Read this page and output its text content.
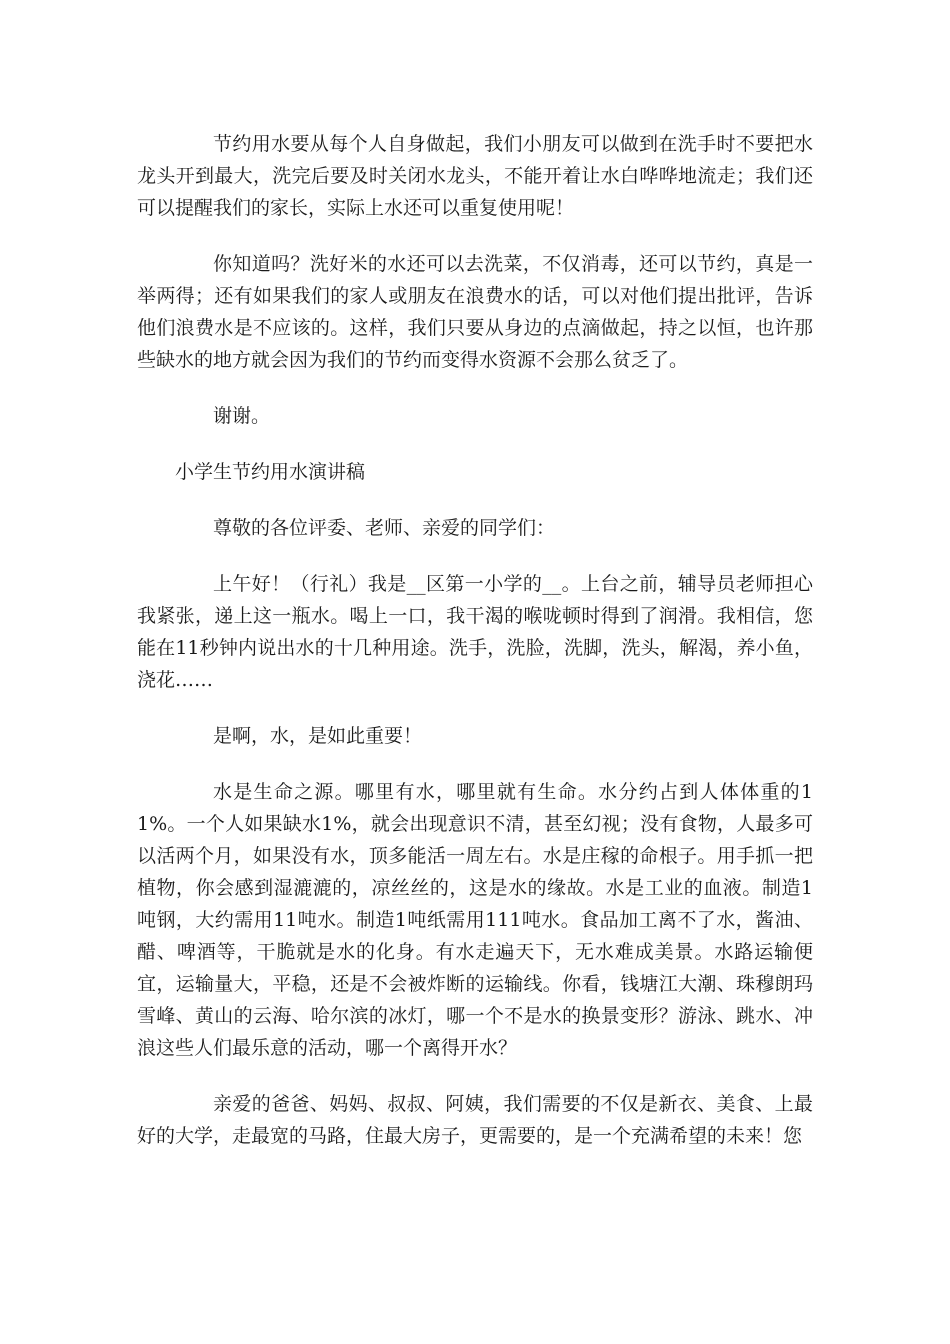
节约用水要从每个人自身做起，我们小朋友可以做到在洗手时不要把水龙头开到最大，洗完后要及时关闭水龙头，不能开着让水白哗哗地流走；我们还可以提醒我们的家长，实际上水还可以重复使用呢！

你知道吗？洗好米的水还可以去洗菜，不仅消毒，还可以节约，真是一举两得；还有如果我们的家人或朋友在浪费水的话，可以对他们提出批评，告诉他们浪费水是不应该的。这样，我们只要从身边的点滴做起，持之以恒，也许那些缺水的地方就会因为我们的节约而变得水资源不会那么贫乏了。

谢谢。

小学生节约用水演讲稿

尊敬的各位评委、老师、亲爱的同学们：

上午好！（行礼）我是__区第一小学的__。上台之前，辅导员老师担心我紧张，递上这一瓶水。喝上一口，我干渴的喉咙顿时得到了润滑。我相信，您能在11秒钟内说出水的十几种用途。洗手，洗脸，洗脚，洗头，解渴，养小鱼，浇花……

是啊，水，是如此重要！

水是生命之源。哪里有水，哪里就有生命。水分约占到人体体重的11%。一个人如果缺水1%，就会出现意识不清，甚至幻视；没有食物，人最多可以活两个月，如果没有水，顶多能活一周左右。水是庄稼的命根子。用手抓一把植物，你会感到湿漉漉的，凉丝丝的，这是水的缘故。水是工业的血液。制造1吨钢，大约需用11吨水。制造1吨纸需用111吨水。食品加工离不了水，酱油、醋、啤酒等，干脆就是水的化身。有水走遍天下，无水难成美景。水路运输便宜，运输量大，平稳，还是不会被炸断的运输线。你看，钱塘江大潮、珠穆朗玛雪峰、黄山的云海、哈尔滨的冰灯，哪一个不是水的换景变形？游泳、跳水、冲浪这些人们最乐意的活动，哪一个离得开水？

亲爱的爸爸、妈妈、叔叔、阿姨，我们需要的不仅是新衣、美食、上最好的大学，走最宽的马路，住最大房子，更需要的，是一个充满希望的未来！您
